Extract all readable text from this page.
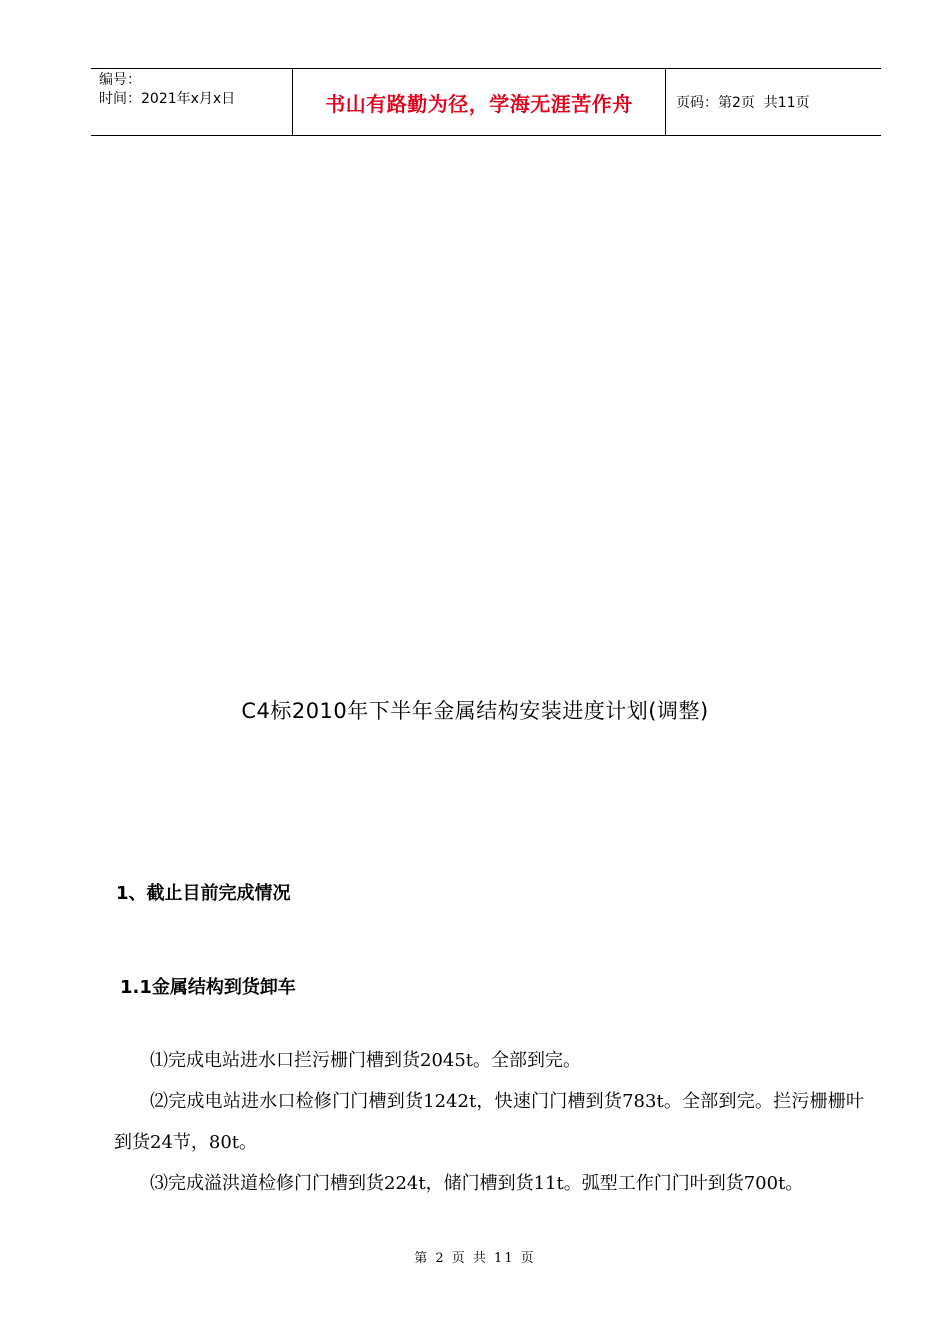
编号：
时间：2021年x月x日	书山有路勤为径，学海无涯苦作舟	页码：第2页  共11页
C4标2010年下半年金属结构安装进度计划(调整)
1、截止目前完成情况
1.1金属结构到货卸车

⑴完成电站进水口拦污栅门槽到货2045t。全部到完。

⑵完成电站进水口检修门门槽到货1242t，快速门门槽到货783t。全部到完。拦污栅栅叶到货24节，80t。

⑶完成溢洪道检修门门槽到货224t，储门槽到货11t。弧型工作门门叶到货700t。

第 2 页 共 11 页
